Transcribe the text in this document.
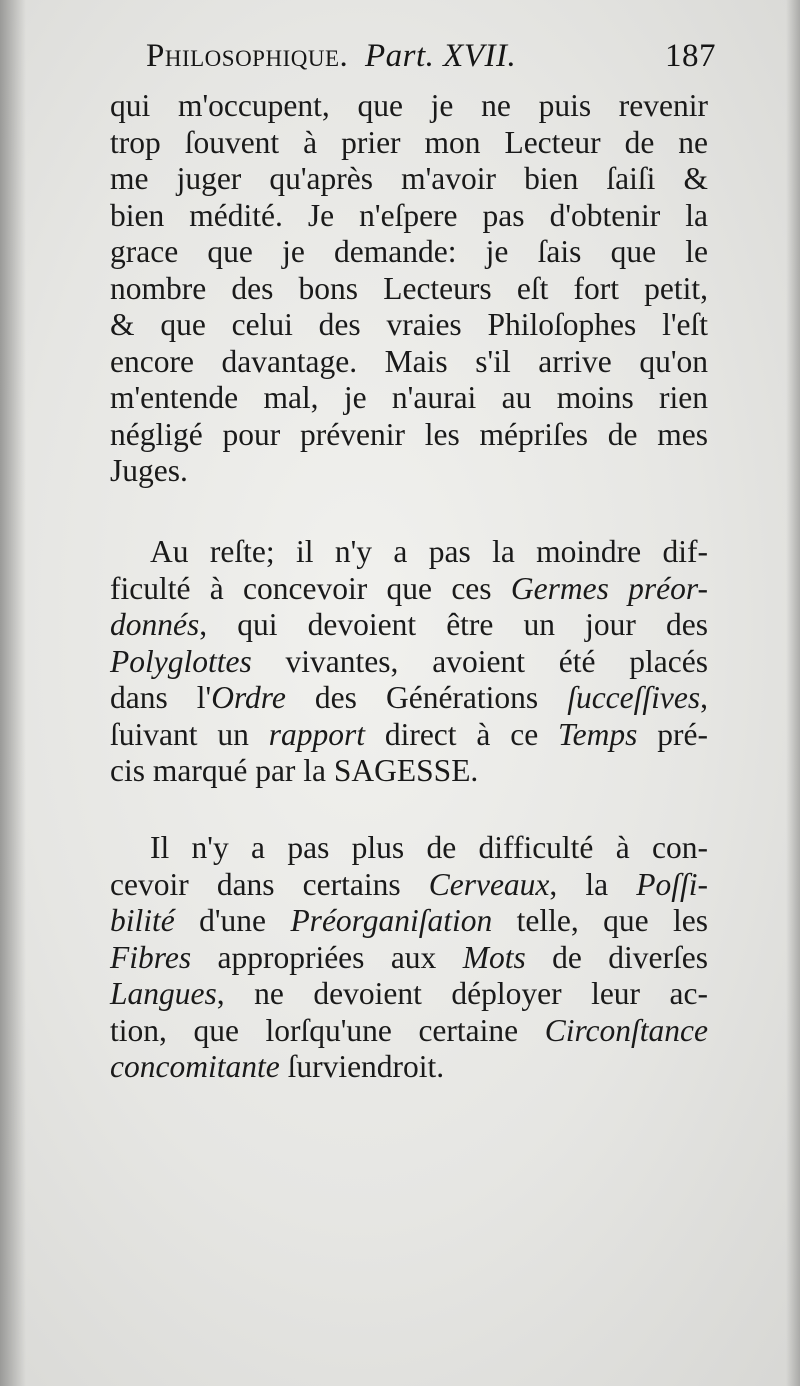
Philosophique. Part. XVII.	187
qui m'occupent, que je ne puis revenir
trop ſouvent à prier mon Lecteur de ne
me juger qu'après m'avoir bien ſaiſi &
bien médité. Je n'eſpere pas d'obtenir la
grace que je demande: je ſais que le
nombre des bons Lecteurs eſt fort petit,
& que celui des vraies Philoſophes l'eſt
encore davantage. Mais s'il arrive qu'on
m'entende mal, je n'aurai au moins rien
négligé pour prévenir les mépriſes de mes
Juges.
Au reſte; il n'y a pas la moindre dif-
ficulté à concevoir que ces Germes préor-
donnés, qui devoient être un jour des
Polyglottes vivantes, avoient été placés
dans l'Ordre des Générations ſucceſſives,
ſuivant un rapport direct à ce Temps pré-
cis marqué par la SAGESSE.
Il n'y a pas plus de difficulté à con-
cevoir dans certains Cerveaux, la Poſſi-
bilité d'une Préorganiſation telle, que les
Fibres appropriées aux Mots de diverſes
Langues, ne devoient déployer leur ac-
tion, que lorſqu'une certaine Circonſtance
concomitante ſurviendroit.
